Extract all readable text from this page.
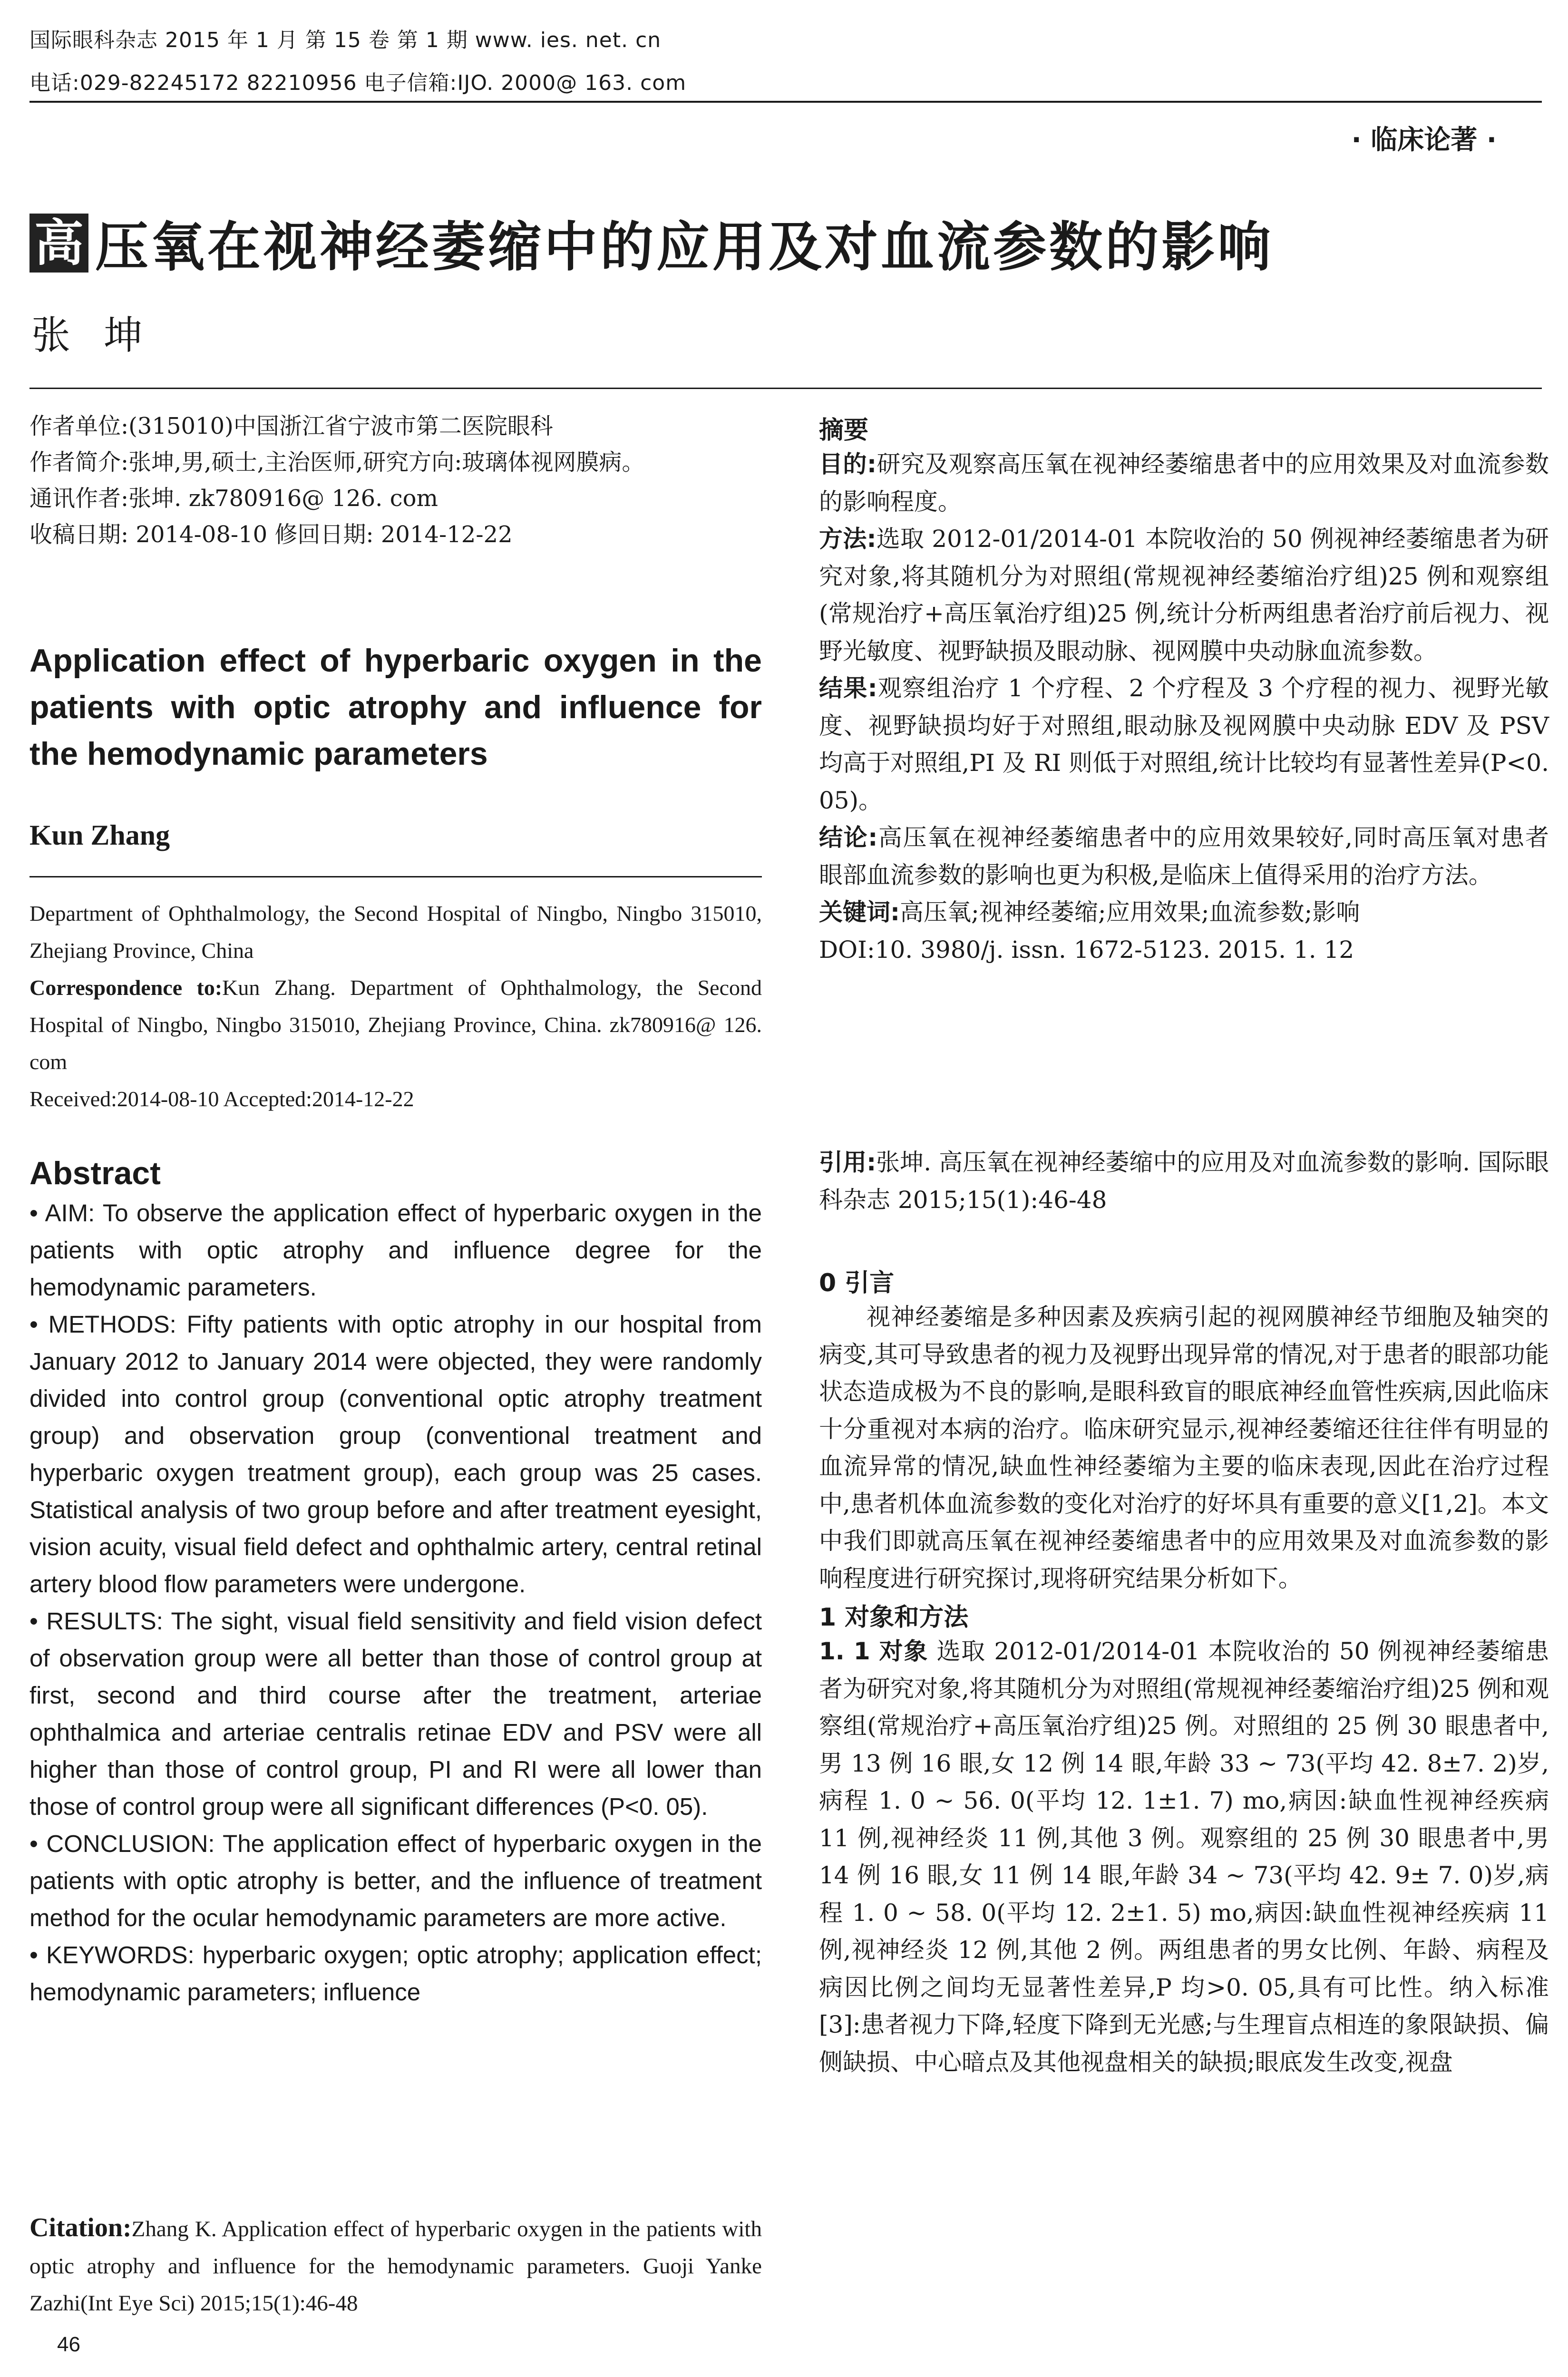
国际眼科杂志 2015 年 1 月 第 15 卷 第 1 期 www. ies. net. cn
电话:029-82245172 82210956 电子信箱:IJO. 2000@ 163. com
· 临床论著 ·
高 压氧在视神经萎缩中的应用及对血流参数的影响
张坤

作者单位:(315010)中国浙江省宁波市第二医院眼科

作者简介:张坤,男,硕士,主治医师,研究方向:玻璃体视网膜病。

通讯作者:张坤. zk780916@ 126. com

收稿日期: 2014-08-10 修回日期: 2014-12-22

Application effect of hyperbaric oxygen in the patients with optic atrophy and influence for the hemodynamic parameters

Kun Zhang

Department of Ophthalmology, the Second Hospital of Ningbo, Ningbo 315010, Zhejiang Province, China

Correspondence to:Kun Zhang. Department of Ophthalmology, the Second Hospital of Ningbo, Ningbo 315010, Zhejiang Province, China. zk780916@ 126. com

Received:2014-08-10 Accepted:2014-12-22

Abstract

• AIM: To observe the application effect of hyperbaric oxygen in the patients with optic atrophy and influence degree for the hemodynamic parameters.

• METHODS: Fifty patients with optic atrophy in our hospital from January 2012 to January 2014 were objected, they were randomly divided into control group (conventional optic atrophy treatment group) and observation group (conventional treatment and hyperbaric oxygen treatment group), each group was 25 cases. Statistical analysis of two group before and after treatment eyesight, vision acuity, visual field defect and ophthalmic artery, central retinal artery blood flow parameters were undergone.

• RESULTS: The sight, visual field sensitivity and field vision defect of observation group were all better than those of control group at first, second and third course after the treatment, arteriae ophthalmica and arteriae centralis retinae EDV and PSV were all higher than those of control group, PI and RI were all lower than those of control group were all significant differences (P<0. 05).

• CONCLUSION: The application effect of hyperbaric oxygen in the patients with optic atrophy is better, and the influence of treatment method for the ocular hemodynamic parameters are more active.

• KEYWORDS: hyperbaric oxygen; optic atrophy; application effect; hemodynamic parameters; influence

Citation:Zhang K. Application effect of hyperbaric oxygen in the patients with optic atrophy and influence for the hemodynamic parameters. Guoji Yanke Zazhi(Int Eye Sci) 2015;15(1):46-48

摘要

目的:研究及观察高压氧在视神经萎缩患者中的应用效果及对血流参数的影响程度。

方法:选取 2012-01/2014-01 本院收治的 50 例视神经萎缩患者为研究对象,将其随机分为对照组(常规视神经萎缩治疗组)25 例和观察组(常规治疗+高压氧治疗组)25 例,统计分析两组患者治疗前后视力、视野光敏度、视野缺损及眼动脉、视网膜中央动脉血流参数。

结果:观察组治疗 1 个疗程、2 个疗程及 3 个疗程的视力、视野光敏度、视野缺损均好于对照组,眼动脉及视网膜中央动脉 EDV 及 PSV 均高于对照组,PI 及 RI 则低于对照组,统计比较均有显著性差异(P<0. 05)。

结论:高压氧在视神经萎缩患者中的应用效果较好,同时高压氧对患者眼部血流参数的影响也更为积极,是临床上值得采用的治疗方法。

关键词:高压氧;视神经萎缩;应用效果;血流参数;影响

DOI:10. 3980/j. issn. 1672-5123. 2015. 1. 12

引用:张坤. 高压氧在视神经萎缩中的应用及对血流参数的影响. 国际眼科杂志 2015;15(1):46-48

0 引言

视神经萎缩是多种因素及疾病引起的视网膜神经节细胞及轴突的病变,其可导致患者的视力及视野出现异常的情况,对于患者的眼部功能状态造成极为不良的影响,是眼科致盲的眼底神经血管性疾病,因此临床十分重视对本病的治疗。临床研究显示,视神经萎缩还往往伴有明显的血流异常的情况,缺血性神经萎缩为主要的临床表现,因此在治疗过程中,患者机体血流参数的变化对治疗的好坏具有重要的意义[1,2]。本文中我们即就高压氧在视神经萎缩患者中的应用效果及对血流参数的影响程度进行研究探讨,现将研究结果分析如下。

1 对象和方法

1. 1 对象 选取 2012-01/2014-01 本院收治的 50 例视神经萎缩患者为研究对象,将其随机分为对照组(常规视神经萎缩治疗组)25 例和观察组(常规治疗+高压氧治疗组)25 例。对照组的 25 例 30 眼患者中,男 13 例 16 眼,女 12 例 14 眼,年龄 33 ~ 73(平均 42. 8±7. 2)岁,病程 1. 0 ~ 56. 0(平均 12. 1±1. 7) mo,病因:缺血性视神经疾病 11 例,视神经炎 11 例,其他 3 例。观察组的 25 例 30 眼患者中,男 14 例 16 眼,女 11 例 14 眼,年龄 34 ~ 73(平均 42. 9± 7. 0)岁,病程 1. 0 ~ 58. 0(平均 12. 2±1. 5) mo,病因:缺血性视神经疾病 11 例,视神经炎 12 例,其他 2 例。两组患者的男女比例、年龄、病程及病因比例之间均无显著性差异,P 均>0. 05,具有可比性。纳入标准[3]:患者视力下降,轻度下降到无光感;与生理盲点相连的象限缺损、偏侧缺损、中心暗点及其他视盘相关的缺损;眼底发生改变,视盘

46
